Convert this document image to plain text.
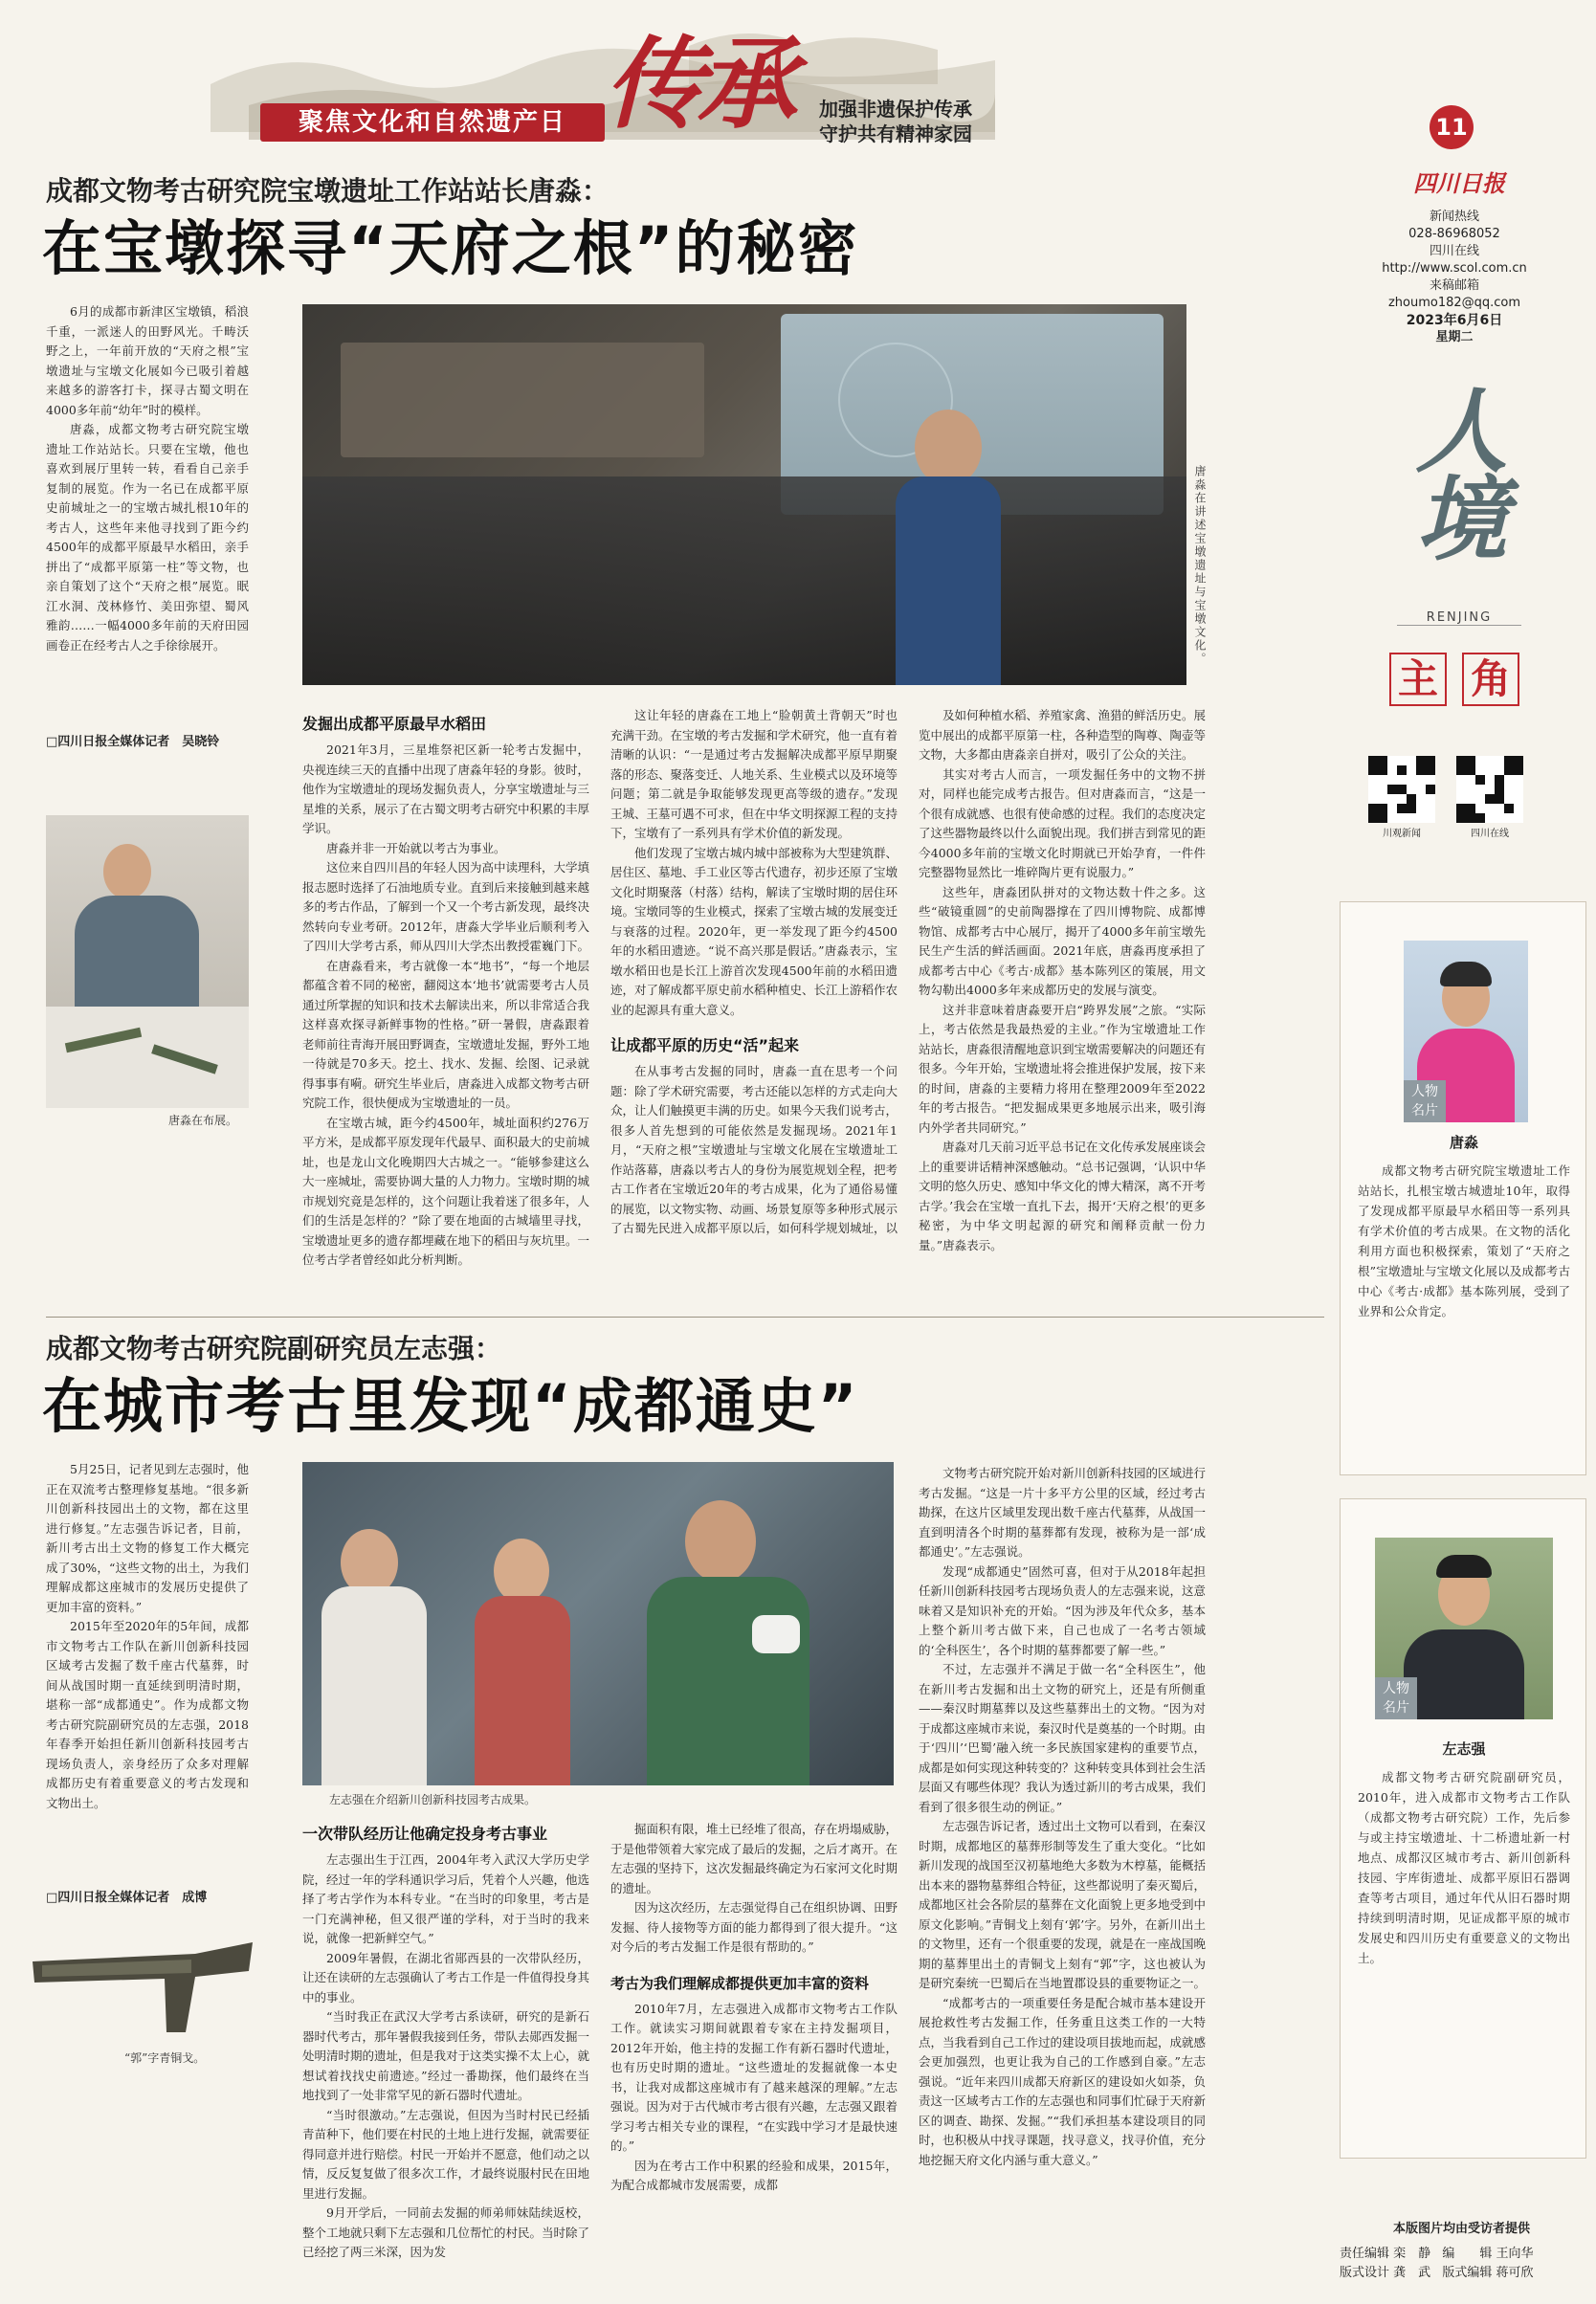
聚焦文化和自然遗产日 传承	加强非遗保护传承
守护共有精神家园	11
四川日报
新闻热线
028-86968052
四川在线
http://www.scol.com.cn
来稿邮箱
zhoumo182@qq.com
2023年6月6日
星期二
人境
RENJING
主 角
川观新闻	四川在线
人物名片
唐淼
成都文物考古研究院宝墩遗址工作站站长，扎根宝墩古城遗址10年，取得了发现成都平原最早水稻田等一系列具有学术价值的考古成果。在文物的活化利用方面也积极探索，策划了“天府之根”宝墩遗址与宝墩文化展以及成都考古中心《考古·成都》基本陈列展，受到了业界和公众肯定。
人物名片
左志强
成都文物考古研究院副研究员，2010年，进入成都市文物考古工作队（成都文物考古研究院）工作，先后参与或主持宝墩遗址、十二桥遗址新一村地点、成都汉区城市考古、新川创新科技园、宇库街遗址、成都平原旧石器调查等考古项目，通过年代从旧石器时期持续到明清时期，见证成都平原的城市发展史和四川历史有重要意义的文物出土。
成都文物考古研究院宝墩遗址工作站站长唐淼：
在宝墩探寻“天府之根”的秘密

6月的成都市新津区宝墩镇，稻浪千重，一派迷人的田野风光。千畴沃野之上，一年前开放的“天府之根”宝墩遗址与宝墩文化展如今已吸引着越来越多的游客打卡，探寻古蜀文明在4000多年前“幼年”时的模样。

唐淼，成都文物考古研究院宝墩遗址工作站站长。只要在宝墩，他也喜欢到展厅里转一转，看看自己亲手复制的展览。作为一名已在成都平原史前城址之一的宝墩古城扎根10年的考古人，这些年来他寻找到了距今约4500年的成都平原最早水稻田，亲手拼出了“成都平原第一柱”等文物，也亲自策划了这个“天府之根”展览。眠江水洞、茂林修竹、美田弥望、蜀风雅韵……一幅4000多年前的天府田园画卷正在经考古人之手徐徐展开。

□四川日报全媒体记者　吴晓铃
唐淼在讲述宝墩遗址与宝墩文化。
唐淼在布展。
发掘出成都平原最早水稻田

2021年3月，三星堆祭祀区新一轮考古发掘中，央视连续三天的直播中出现了唐淼年轻的身影。彼时，他作为宝墩遗址的现场发掘负责人，分享宝墩遗址与三星堆的关系，展示了在古蜀文明考古研究中积累的丰厚学识。

唐淼并非一开始就以考古为事业。

这位来自四川昌的年轻人因为高中读理科，大学填报志愿时选择了石油地质专业。直到后来接触到越来越多的考古作品，了解到一个又一个考古新发现，最终决然转向专业考研。2012年，唐淼大学毕业后顺利考入了四川大学考古系，师从四川大学杰出教授霍巍门下。

在唐淼看来，考古就像一本“地书”，“每一个地层都蕴含着不同的秘密，翻阅这本‘地书’就需要考古人员通过所掌握的知识和技术去解读出来，所以非常适合我这样喜欢探寻新鲜事物的性格。”研一暑假，唐淼跟着老师前往青海开展田野调查，宝墩遗址发掘，野外工地一待就是70多天。挖土、找水、发掘、绘图、记录就得事事有嗬。研究生毕业后，唐淼进入成都文物考古研究院工作，很快便成为宝墩遗址的一员。

在宝墩古城，距今约4500年，城址面积约276万平方米，是成都平原发现年代最早、面积最大的史前城址，也是龙山文化晚期四大古城之一。“能够参建这么大一座城址，需要协调大量的人力物力。宝墩时期的城市规划究竟是怎样的，这个问题让我着迷了很多年，人们的生活是怎样的？”除了要在地面的古城墙里寻找，宝墩遗址更多的遗存都埋藏在地下的稻田与灰坑里。一位考古学者曾经如此分析判断。

这让年轻的唐淼在工地上“脸朝黄土背朝天”时也充满干劲。在宝墩的考古发掘和学术研究，他一直有着清晰的认识：“一是通过考古发掘解决成都平原早期聚落的形态、聚落变迁、人地关系、生业模式以及环境等问题；第二就是争取能够发现更高等级的遗存。”发现王城、王墓可遇不可求，但在中华文明探源工程的支持下，宝墩有了一系列具有学术价值的新发现。

他们发现了宝墩古城内城中部被称为大型建筑群、居住区、墓地、手工业区等古代遗存，初步还原了宝墩文化时期聚落（村落）结构，解读了宝墩时期的居住环境。宝墩同等的生业模式，探索了宝墩古城的发展变迁与衰落的过程。2020年，更一举发现了距今约4500年的水稻田遗迹。“说不高兴那是假话。”唐淼表示，宝墩水稻田也是长江上游首次发现4500年前的水稻田遗迹，对了解成都平原史前水稻种植史、长江上游稻作农业的起源具有重大意义。

让成都平原的历史“活”起来

在从事考古发掘的同时，唐淼一直在思考一个问题：除了学术研究需要，考古还能以怎样的方式走向大众，让人们触摸更丰满的历史。如果今天我们说考古，很多人首先想到的可能依然是发掘现场。2021年1月，“天府之根”宝墩遗址与宝墩文化展在宝墩遗址工作站落幕，唐淼以考古人的身份为展览规划全程，把考古工作者在宝墩近20年的考古成果，化为了通俗易懂的展览，以文物实物、动画、场景复原等多种形式展示了古蜀先民进入成都平原以后，如何科学规划城址，以

及如何种植水稻、养殖家禽、渔猎的鲜活历史。展览中展出的成都平原第一柱，各种造型的陶尊、陶壶等文物，大多都由唐淼亲自拼对，吸引了公众的关注。

其实对考古人而言，一项发掘任务中的文物不拼对，同样也能完成考古报告。但对唐淼而言，“这是一个很有成就感、也很有使命感的过程。我们的态度决定了这些器物最终以什么面貌出现。我们拼吉到常见的距今4000多年前的宝墩文化时期就已开始孕育，一件件完整器物显然比一堆碎陶片更有说服力。”

这些年，唐淼团队拼对的文物达数十件之多。这些“破镜重圆”的史前陶器撑在了四川博物院、成都博物馆、成都考古中心展厅，揭开了4000多年前宝墩先民生产生活的鲜活画面。2021年底，唐淼再度承担了成都考古中心《考古·成都》基本陈列区的策展，用文物勾勒出4000多年来成都历史的发展与演变。

这并非意味着唐淼要开启“跨界发展”之旅。“实际上，考古依然是我最热爱的主业。”作为宝墩遗址工作站站长，唐淼很清醒地意识到宝墩需要解决的问题还有很多。今年开始，宝墩遗址将会推进保护发展，按下来的时间，唐淼的主要精力将用在整理2009年至2022年的考古报告。“把发掘成果更多地展示出来，吸引海内外学者共同研究。”

唐淼对几天前习近平总书记在文化传承发展座谈会上的重要讲话精神深感触动。“总书记强调，‘认识中华文明的悠久历史、感知中华文化的博大精深，离不开考古学。’我会在宝墩一直扎下去，揭开‘天府之根’的更多秘密，为中华文明起源的研究和阐释贡献一份力量。”唐淼表示。

成都文物考古研究院副研究员左志强：
在城市考古里发现“成都通史”

5月25日，记者见到左志强时，他正在双流考古整理修复基地。“很多新川创新科技园出土的文物，都在这里进行修复。”左志强告诉记者，目前，新川考古出土文物的修复工作大概完成了30%，“这些文物的出土，为我们理解成都这座城市的发展历史提供了更加丰富的资料。”

2015年至2020年的5年间，成都市文物考古工作队在新川创新科技园区域考古发掘了数千座古代墓葬，时间从战国时期一直延续到明清时期，堪称一部“成都通史”。作为成都文物考古研究院副研究员的左志强，2018年春季开始担任新川创新科技园考古现场负责人，亲身经历了众多对理解成都历史有着重要意义的考古发现和文物出土。

□四川日报全媒体记者　成博
“郭”字青铜戈。
左志强在介绍新川创新科技园考古成果。
一次带队经历让他确定投身考古事业

左志强出生于江西，2004年考入武汉大学历史学院，经过一年的学科通识学习后，凭着个人兴趣，他选择了考古学作为本科专业。“在当时的印象里，考古是一门充满神秘，但又很严谨的学科，对于当时的我来说，就像一把新鲜空气。”

2009年暑假，在湖北省郧西县的一次带队经历，让还在读研的左志强确认了考古工作是一件值得投身其中的事业。

“当时我正在武汉大学考古系读研，研究的是新石器时代考古，那年暑假我接到任务，带队去郧西发掘一处明清时期的遗址，但是我对于这类实操不太上心，就想试着找找史前遗迹。”经过一番勘探，他们最终在当地找到了一处非常罕见的新石器时代遗址。

“当时很激动。”左志强说，但因为当时村民已经插青苗种下，他们要在村民的土地上进行发掘，就需要征得同意并进行赔偿。村民一开始并不愿意，他们动之以情，反反复复做了很多次工作，才最终说服村民在田地里进行发掘。

9月开学后，一同前去发掘的师弟师妹陆续返校，整个工地就只剩下左志强和几位帮忙的村民。当时除了已经挖了两三米深，因为发

掘面积有限，堆土已经堆了很高，存在坍塌威胁，于是他带领着大家完成了最后的发掘，之后才离开。在左志强的坚持下，这次发掘最终确定为石家河文化时期的遗址。

因为这次经历，左志强觉得自己在组织协调、田野发掘、待人接物等方面的能力都得到了很大提升。“这对今后的考古发掘工作是很有帮助的。”

考古为我们理解成都提供更加丰富的资料

2010年7月，左志强进入成都市文物考古工作队工作。就读实习期间就跟着专家在主持发掘项目，2012年开始，他主持的发掘工作有新石器时代遗址，也有历史时期的遗址。“这些遗址的发掘就像一本史书，让我对成都这座城市有了越来越深的理解。”左志强说。因为对于古代城市考古很有兴趣，左志强又跟着学习考古相关专业的课程，“在实践中学习才是最快速的。”

因为在考古工作中积累的经验和成果，2015年，为配合成都城市发展需要，成都

文物考古研究院开始对新川创新科技园的区域进行考古发掘。“这是一片十多平方公里的区域，经过考古勘探，在这片区域里发现出数千座古代墓葬，从战国一直到明清各个时期的墓葬都有发现，被称为是一部‘成都通史’。”左志强说。

发现“成都通史”固然可喜，但对于从2018年起担任新川创新科技园考古现场负责人的左志强来说，这意味着又是知识补充的开始。“因为涉及年代众多，基本上整个新川考古做下来，自己也成了一名考古领域的‘全科医生’，各个时期的墓葬都要了解一些。”

不过，左志强并不满足于做一名“全科医生”，他在新川考古发掘和出土文物的研究上，还是有所侧重——秦汉时期墓葬以及这些墓葬出土的文物。“因为对于成都这座城市来说，秦汉时代是奠基的一个时期。由于‘四川’‘巴蜀’融入统一多民族国家建构的重要节点，成都是如何实现这种转变的？这种转变具体到社会生活层面又有哪些体现？我认为透过新川的考古成果，我们看到了很多很生动的例证。”

左志强告诉记者，透过出土文物可以看到，在秦汉时期，成都地区的墓葬形制等发生了重大变化。“比如新川发现的战国至汉初墓地绝大多数为木椁墓，能概括出本来的器物墓葬组合特征，这些都说明了秦灭蜀后，成都地区社会各阶层的墓葬在文化面貌上更多地受到中原文化影响。”青铜戈上刻有‘郭’字。另外，在新川出土的文物里，还有一个很重要的发现，就是在一座战国晚期的墓葬里出土的青铜戈上刻有“郭”字，这也被认为是研究秦统一巴蜀后在当地置郡设县的重要物证之一。

“成都考古的一项重要任务是配合城市基本建设开展抢救性考古发掘工作，任务重且这类工作的一大特点，当我看到自己工作过的建设项目拔地而起，成就感会更加强烈，也更让我为自己的工作感到自豪。”左志强说。“近年来四川成都天府新区的建设如火如荼，负责这一区域考古工作的左志强也和同事们忙碌于天府新区的调查、勘探、发掘。”“我们承担基本建设项目的同时，也积极从中找寻课题，找寻意义，找寻价值，充分地挖掘天府文化内涵与重大意义。”

本版图片均由受访者提供
责任编辑 栾　静 编　　辑 王向华
版式设计 龚　武 版式编辑 蒋可欣
